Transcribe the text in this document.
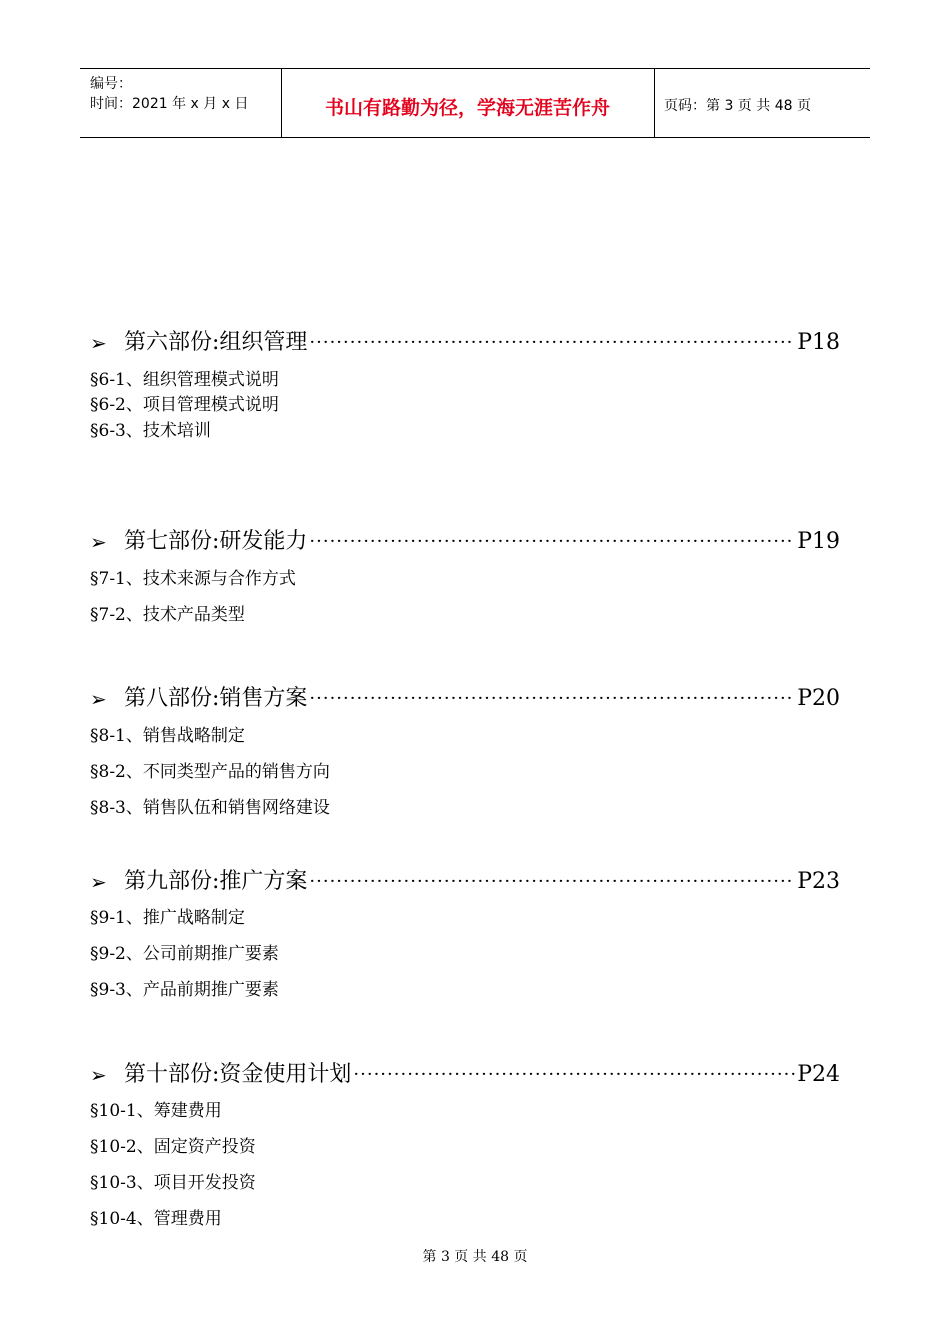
编号：
时间：2021 年 x 月 x 日	书山有路勤为径，学海无涯苦作舟	页码：第 3 页 共 48 页
➢ 第六部份:组织管理 ·····	P18
§6-1、组织管理模式说明
§6-2、项目管理模式说明
§6-3、技术培训
➢ 第七部份:研发能力 ·····	P19
§7-1、技术来源与合作方式
§7-2、技术产品类型
➢ 第八部份:销售方案 ·····	P20
§8-1、销售战略制定
§8-2、不同类型产品的销售方向
§8-3、销售队伍和销售网络建设
➢ 第九部份:推广方案 ·····	P23
§9-1、推广战略制定
§9-2、公司前期推广要素
§9-3、产品前期推广要素
➢ 第十部份:资金使用计划 ·····	P24
§10-1、筹建费用
§10-2、固定资产投资
§10-3、项目开发投资
§10-4、管理费用
第 3 页 共 48 页
